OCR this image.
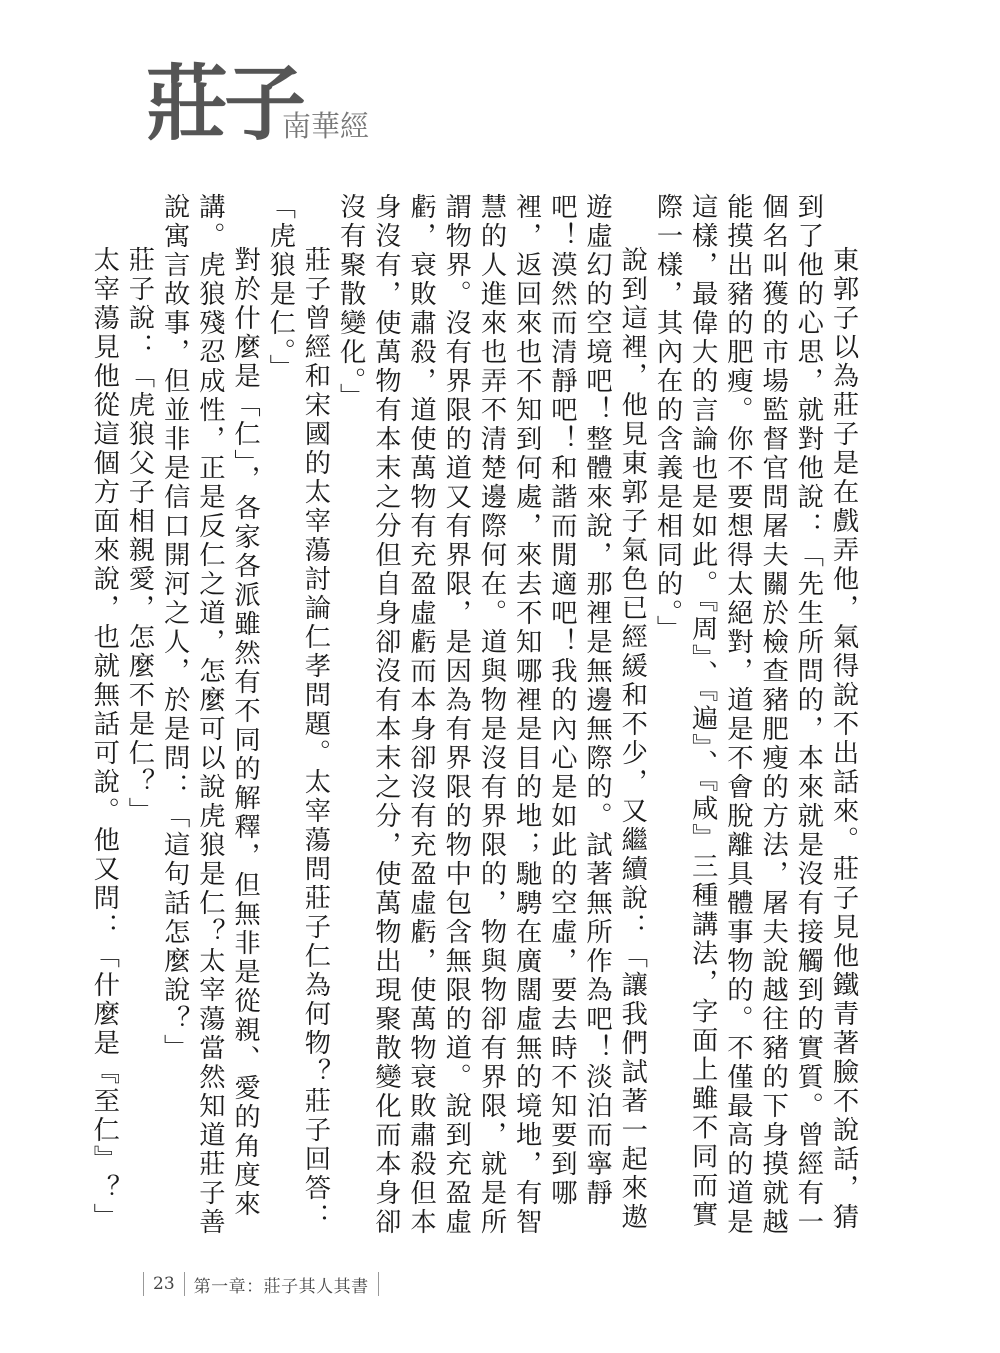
莊子
南華經

東郭子以為莊子是在戲弄他，氣得說不出話來。莊子見他鐵青著臉不說話，猜到了他的心思，就對他說：「先生所問的，本來就是沒有接觸到的實質。曾經有一個名叫獲的市場監督官問屠夫關於檢查豬肥瘦的方法，屠夫說越往豬的下身摸就越能摸出豬的肥瘦。你不要想得太絕對，道是不會脫離具體事物的。不僅最高的道是這樣，最偉大的言論也是如此。『周』、『遍』、『咸』三種講法，字面上雖不同而實際一樣，其內在的含義是相同的。」

說到這裡，他見東郭子氣色已經緩和不少，又繼續說：「讓我們試著一起來遨遊虛幻的空境吧！整體來說，那裡是無邊無際的。試著無所作為吧！淡泊而寧靜吧！漠然而清靜吧！和諧而閒適吧！我的內心是如此的空虛，要去時不知要到哪裡，返回來也不知到何處，來去不知哪裡是目的地；馳騁在廣闊虛無的境地，有智慧的人進來也弄不清楚邊際何在。道與物是沒有界限的，物與物卻有界限，就是所謂物界。沒有界限的道又有界限，是因為有界限的物中包含無限的道。說到充盈虛虧，衰敗肅殺，道使萬物有充盈虛虧而本身卻沒有充盈虛虧，使萬物衰敗肅殺但本身沒有，使萬物有本末之分但自身卻沒有本末之分，使萬物出現聚散變化而本身卻沒有聚散變化。」

莊子曾經和宋國的太宰蕩討論仁孝問題。太宰蕩問莊子仁為何物？莊子回答：「虎狼是仁。」

對於什麼是「仁」，各家各派雖然有不同的解釋，但無非是從親、愛的角度來講。虎狼殘忍成性，正是反仁之道，怎麼可以說虎狼是仁？太宰蕩當然知道莊子善說寓言故事，但並非是信口開河之人，於是問：「這句話怎麼說？」

莊子說：「虎狼父子相親愛，怎麼不是仁？」

太宰蕩見他從這個方面來說，也就無話可說。他又問：「什麼是『至仁』？」

23	第一章：莊子其人其書
